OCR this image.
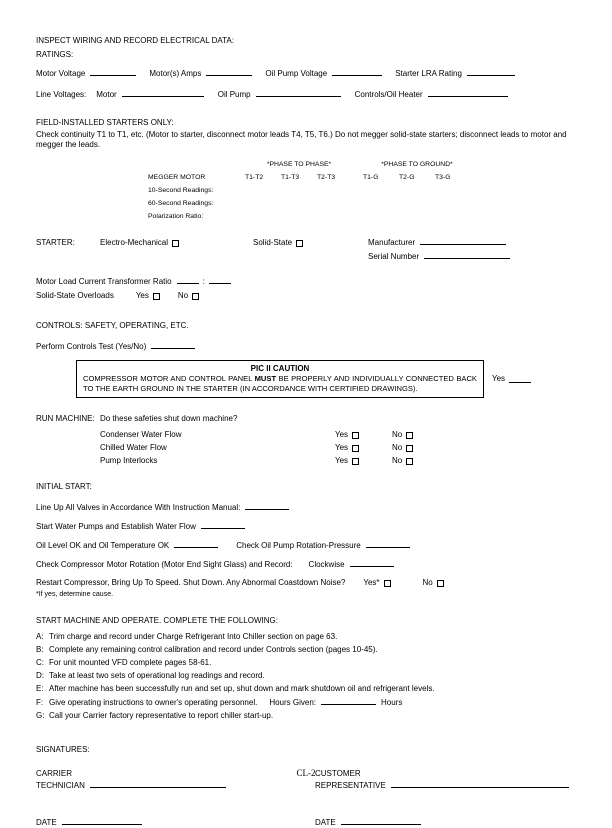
INSPECT WIRING AND RECORD ELECTRICAL DATA:
RATINGS:
Motor Voltage	Motor(s) Amps	Oil Pump Voltage	Starter LRA Rating
Line Voltages: Motor	Oil Pump	Controls/Oil Heater
FIELD-INSTALLED STARTERS ONLY:
Check continuity T1 to T1, etc. (Motor to starter, disconnect motor leads T4, T5, T6.) Do not megger solid-state starters; disconnect leads to motor and megger the leads.
*PHASE TO PHASE*	*PHASE TO GROUND*
MEGGER MOTOR	T1-T2	T1-T3	T2-T3	T1-G	T2-G	T3-G
10-Second Readings:
60-Second Readings:
Polarization Ratio:
STARTER:	Electro-Mechanical	Solid-State	Manufacturer
Serial Number
Motor Load Current Transformer Ratio	:
Solid-State Overloads	Yes	No
CONTROLS: SAFETY, OPERATING, ETC.
Perform Controls Test (Yes/No)
PIC II CAUTION
COMPRESSOR MOTOR AND CONTROL PANEL MUST BE PROPERLY AND INDIVIDUALLY CONNECTED BACK TO THE EARTH GROUND IN THE STARTER (IN ACCORDANCE WITH CERTIFIED DRAWINGS).
Yes
RUN MACHINE: Do these safeties shut down machine?
Condenser Water Flow	Yes	No
Chilled Water Flow	Yes	No
Pump Interlocks	Yes	No
INITIAL START:
Line Up All Valves in Accordance With Instruction Manual:
Start Water Pumps and Establish Water Flow
Oil Level OK and Oil Temperature OK	Check Oil Pump Rotation-Pressure
Check Compressor Motor Rotation (Motor End Sight Glass) and Record: Clockwise
Restart Compressor, Bring Up To Speed. Shut Down. Any Abnormal Coastdown Noise? Yes*	No
*If yes, determine cause.
START MACHINE AND OPERATE. COMPLETE THE FOLLOWING:
A: Trim charge and record under Charge Refrigerant Into Chiller section on page 63.
B: Complete any remaining control calibration and record under Controls section (pages 10-45).
C: For unit mounted VFD complete pages 58-61.
D: Take at least two sets of operational log readings and record.
E: After machine has been successfully run and set up, shut down and mark shutdown oil and refrigerant levels.
F: Give operating instructions to owner's operating personnel. Hours Given:	Hours
G: Call your Carrier factory representative to report chiller start-up.
SIGNATURES:
CARRIER
TECHNICIAN
CUSTOMER
REPRESENTATIVE
DATE	DATE
CL-2
